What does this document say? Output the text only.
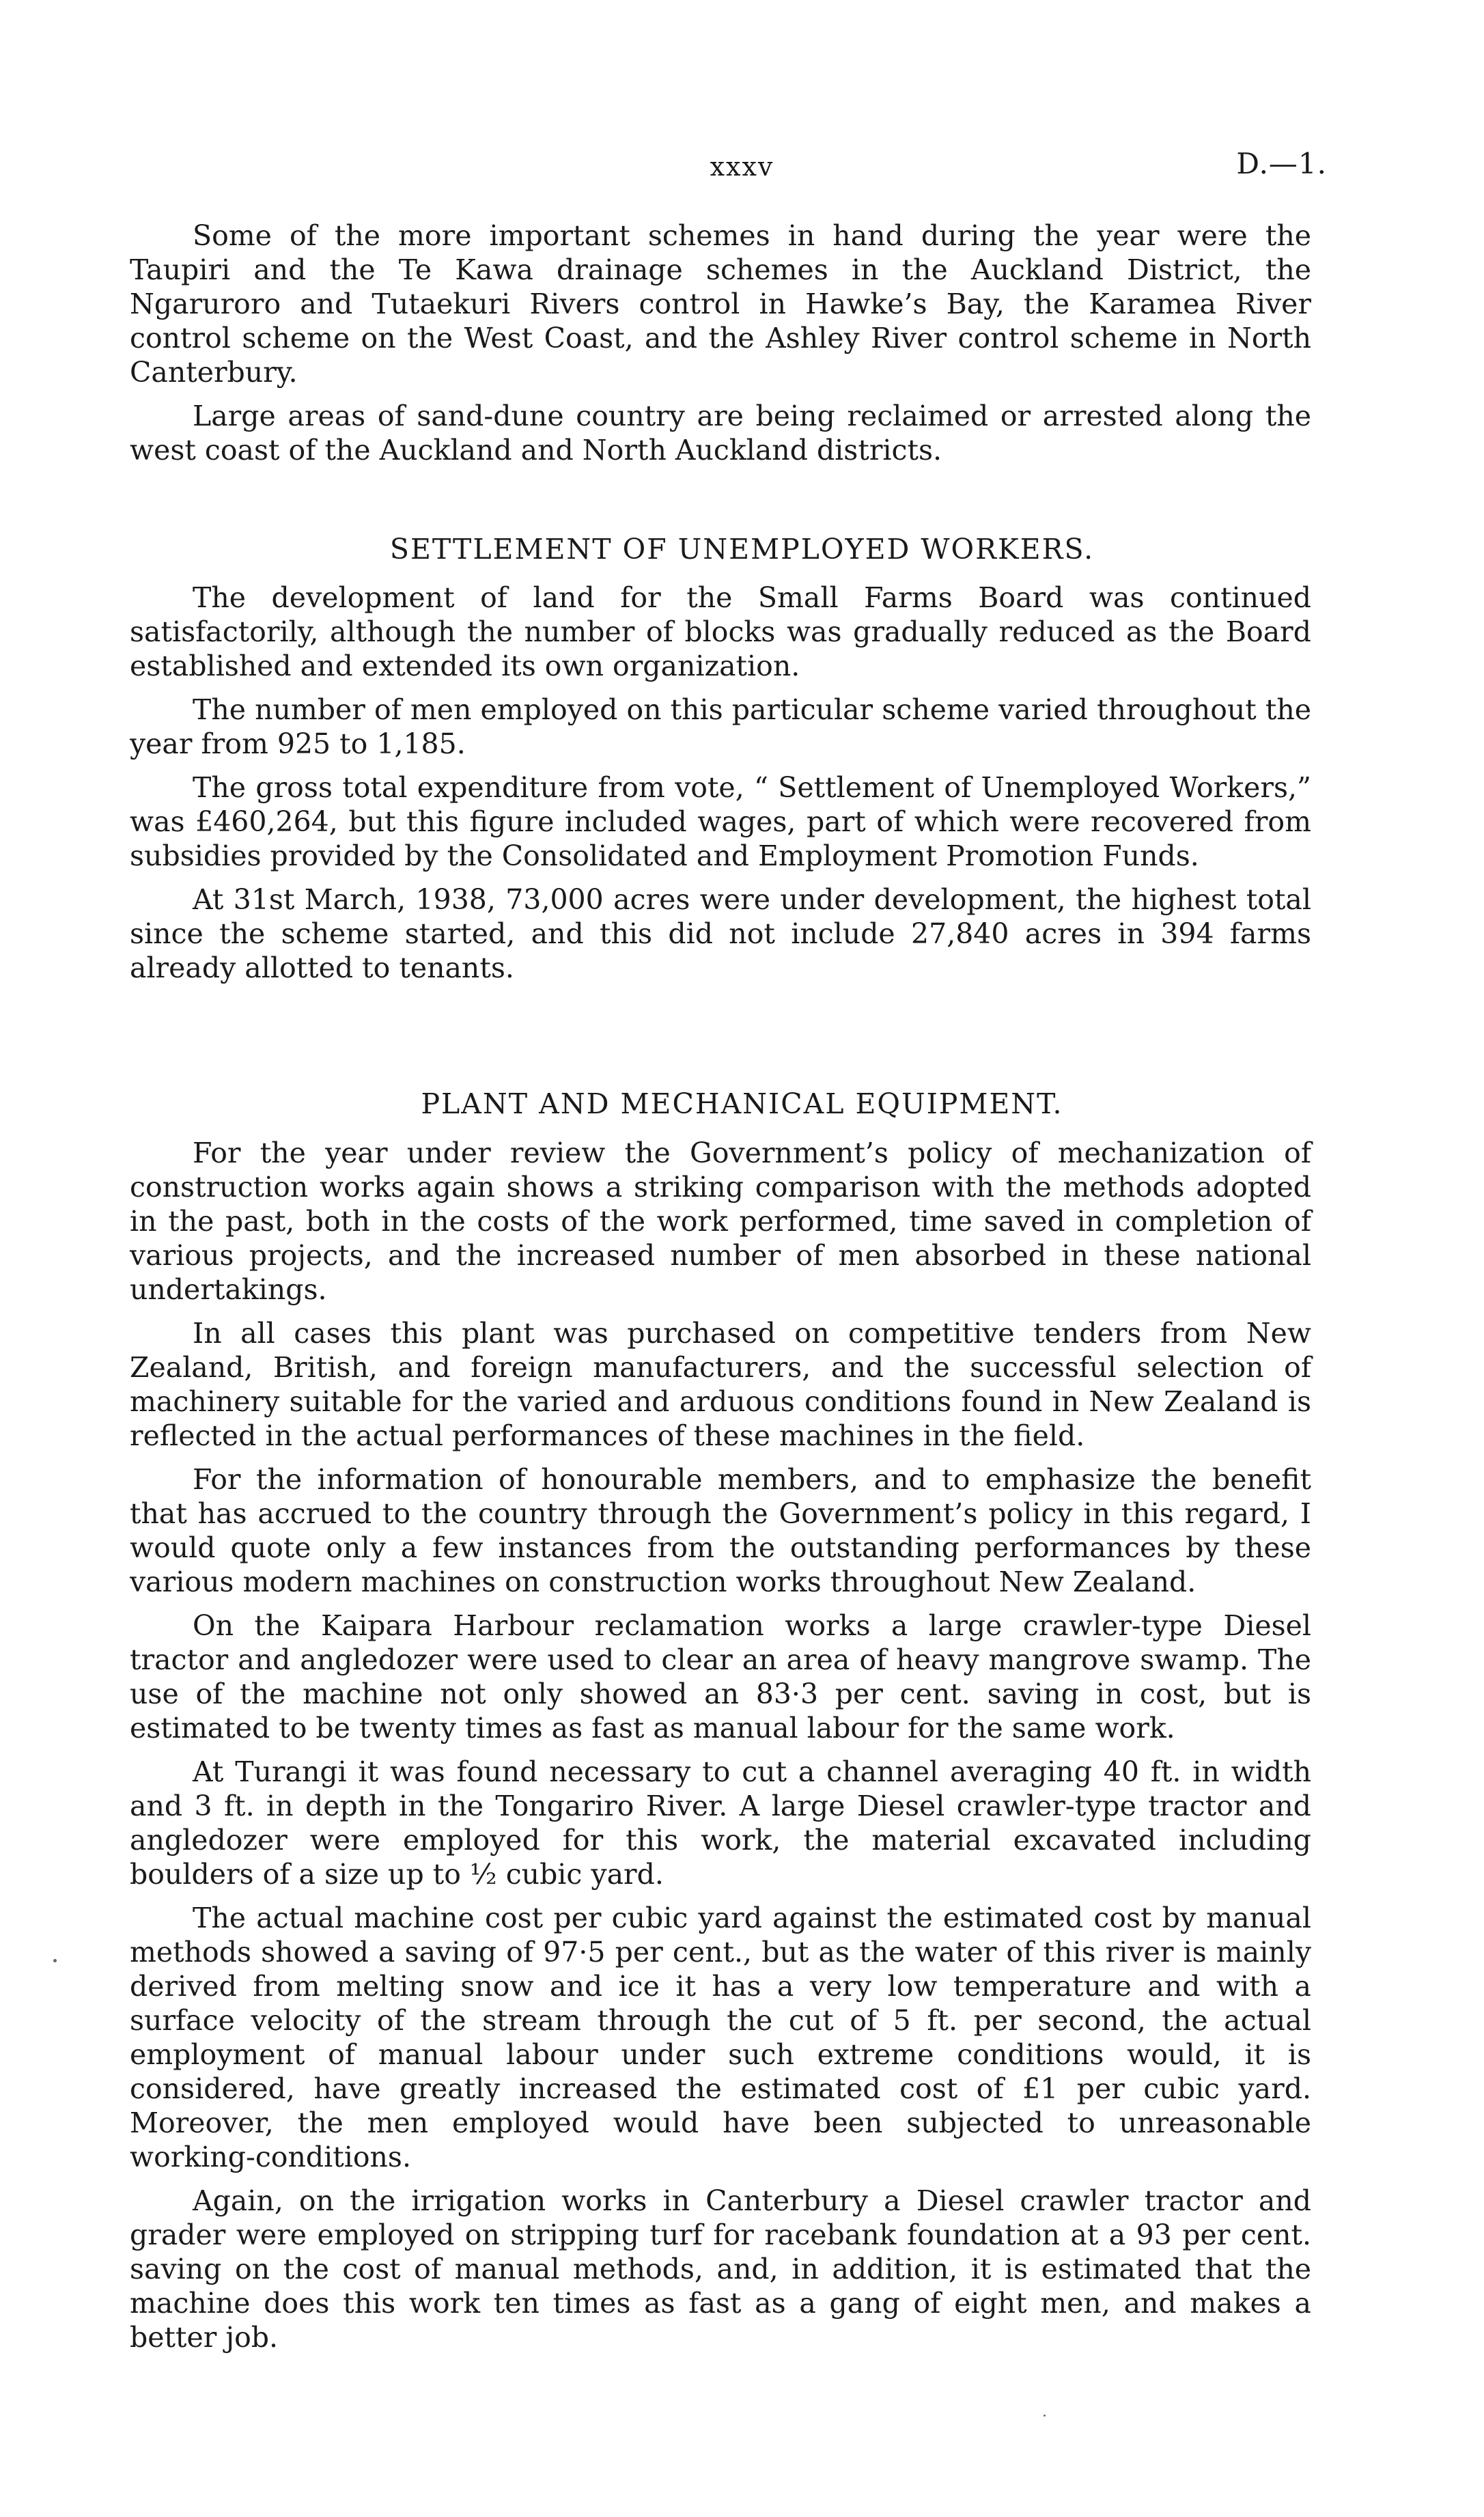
xxxv	D.—1.

Some of the more important schemes in hand during the year were the Taupiri and the Te Kawa drainage schemes in the Auckland District, the Ngaruroro and Tutaekuri Rivers control in Hawke’s Bay, the Karamea River control scheme on the West Coast, and the Ashley River control scheme in North Canterbury.

Large areas of sand-dune country are being reclaimed or arrested along the west coast of the Auckland and North Auckland districts.

SETTLEMENT OF UNEMPLOYED WORKERS.

The development of land for the Small Farms Board was continued satisfactorily, although the number of blocks was gradually reduced as the Board established and extended its own organization.

The number of men employed on this particular scheme varied throughout the year from 925 to 1,185.

The gross total expenditure from vote, “ Settlement of Unemployed Workers,” was £460,264, but this figure included wages, part of which were recovered from subsidies provided by the Consolidated and Employment Promotion Funds.

At 31st March, 1938, 73,000 acres were under development, the highest total since the scheme started, and this did not include 27,840 acres in 394 farms already allotted to tenants.

PLANT AND MECHANICAL EQUIPMENT.

For the year under review the Government’s policy of mechanization of construction works again shows a striking comparison with the methods adopted in the past, both in the costs of the work performed, time saved in completion of various projects, and the increased number of men absorbed in these national undertakings.

In all cases this plant was purchased on competitive tenders from New Zealand, British, and foreign manufacturers, and the successful selection of machinery suitable for the varied and arduous conditions found in New Zealand is reflected in the actual performances of these machines in the field.

For the information of honourable members, and to emphasize the benefit that has accrued to the country through the Government’s policy in this regard, I would quote only a few instances from the outstanding performances by these various modern machines on construction works throughout New Zealand.

On the Kaipara Harbour reclamation works a large crawler-type Diesel tractor and angledozer were used to clear an area of heavy mangrove swamp. The use of the machine not only showed an 83·3 per cent. saving in cost, but is estimated to be twenty times as fast as manual labour for the same work.

At Turangi it was found necessary to cut a channel averaging 40 ft. in width and 3 ft. in depth in the Tongariro River. A large Diesel crawler-type tractor and angledozer were employed for this work, the material excavated including boulders of a size up to ½ cubic yard.

The actual machine cost per cubic yard against the estimated cost by manual methods showed a saving of 97·5 per cent., but as the water of this river is mainly derived from melting snow and ice it has a very low temperature and with a surface velocity of the stream through the cut of 5 ft. per second, the actual employment of manual labour under such extreme conditions would, it is considered, have greatly increased the estimated cost of £1 per cubic yard. Moreover, the men employed would have been subjected to unreasonable working-conditions.

Again, on the irrigation works in Canterbury a Diesel crawler tractor and grader were employed on stripping turf for racebank foundation at a 93 per cent. saving on the cost of manual methods, and, in addition, it is estimated that the machine does this work ten times as fast as a gang of eight men, and makes a better job.
